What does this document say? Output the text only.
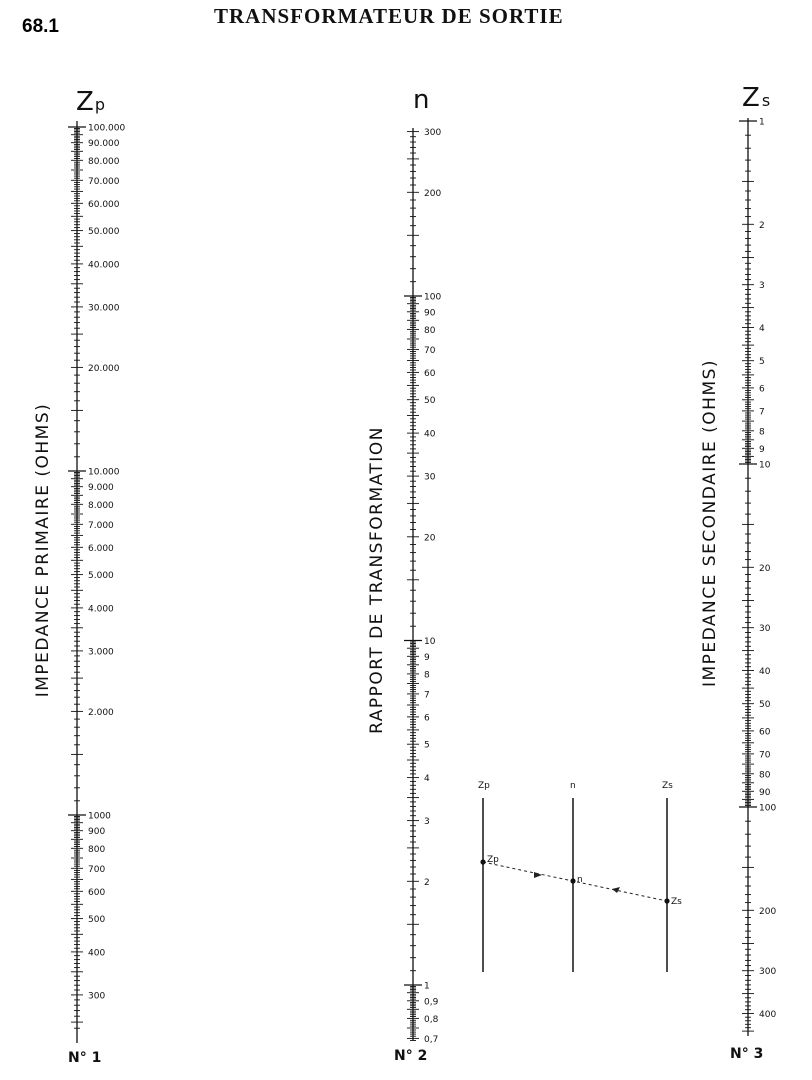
68.1	TRANSFORMATEUR DE SORTIE
100.000
90.000
80.000
70.000
60.000
50.000
40.000
30.000
20.000
10.000
9.000
8.000
7.000
6.000
5.000
4.000
3.000
2.000
1000
900
800
700
600
500
400
300
300
200
100
90
80
70
60
50
40
30
20
10
9
8
7
6
5
4
3
2
1
0,9
0,8
0,7
1
2
3
4
5
6
7
8
9
10
20
30
40
50
60
70
80
90
100
200
300
400
Zp	n	Zs
IMPEDANCE PRIMAIRE (OHMS)	RAPPORT DE TRANSFORMATION	IMPEDANCE SECONDAIRE (OHMS)
N° 1	N° 2	N° 3
Zp	n	Zs
Zp
n
Zs
